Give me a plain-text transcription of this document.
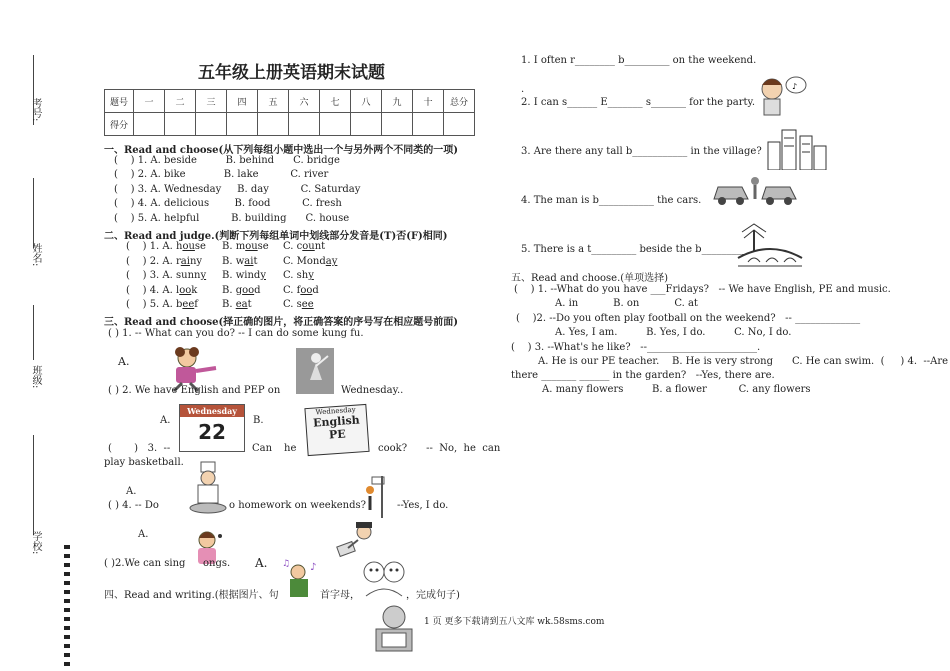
考号:
姓名:
班级:
学校:
五年级上册英语期末试题
题号	一	二	三	四	五	六	七	八	九	十	总分
得分											
一、Read and choose(从下列每组小题中选出一个与另外两个不同类的一项)
(    ) 1. A. beside         B. behind      C. bridge
(    ) 2. A. bike            B. lake          C. river
(    ) 3. A. Wednesday     B. day          C. Saturday
(    ) 4. A. delicious        B. food          C. fresh
(    ) 5. A. helpful          B. building      C. house
二、Read and judge.(判断下列每组单词中划线部分发音是(T)否(F)相同)
(    ) 1. A. house B. mouse C. count
(    ) 2. A. rainy B. wait	C. Monday
(    ) 3. A. sunny B. windy C. shy
(    ) 4. A. look B. good C. food
(    ) 5. A. beef B. eat	C. see
三、Read and choose(择正确的图片，将正确答案的序号写在相应题号前面)
( ) 1. -- What can you do? -- I can do some kung fu.
A.
( ) 2. We have English and PEP on	Wednesday..
A.
Wednesday
22	B.
Wednesday
English
PE
(       )   3.  --	Can he	cook?      --  No,  he  can
play basketball.
A.
( ) 4. -- Do	o homework on weekends?	--Yes, I do.
A.
( )2.We can sing ongs. A.	♪
♫
四、Read and writing.(根据图片、句	首字母，	，完成句子)
1 页 更多下载请到五八文库 wk.58sms.com
1. I often r________ b_________ on the weekend.
.
2. I can s______ E_______ s_______ for the party.
♪
3. Are there any tall b___________ in the village?
4. The man is b___________ the cars.
5. There is a t_________ beside the b_________
五、Read and choose.(单项选择)
(    ) 1. --What do you have ___Fridays?   -- We have English, PE and music.
A. in           B. on           C. at
(    )2. --Do you often play football on the weekend?   -- _____________
A. Yes, I am.         B. Yes, I do.         C. No, I do.
(    ) 3. --What's he like?   --______________________.
A. He is our PE teacher.    B. He is very strong      C. He can swim.  (     ) 4.  --Are
there _______ ______ in the garden?   --Yes, there are.
A. many flowers         B. a flower          C. any flowers
